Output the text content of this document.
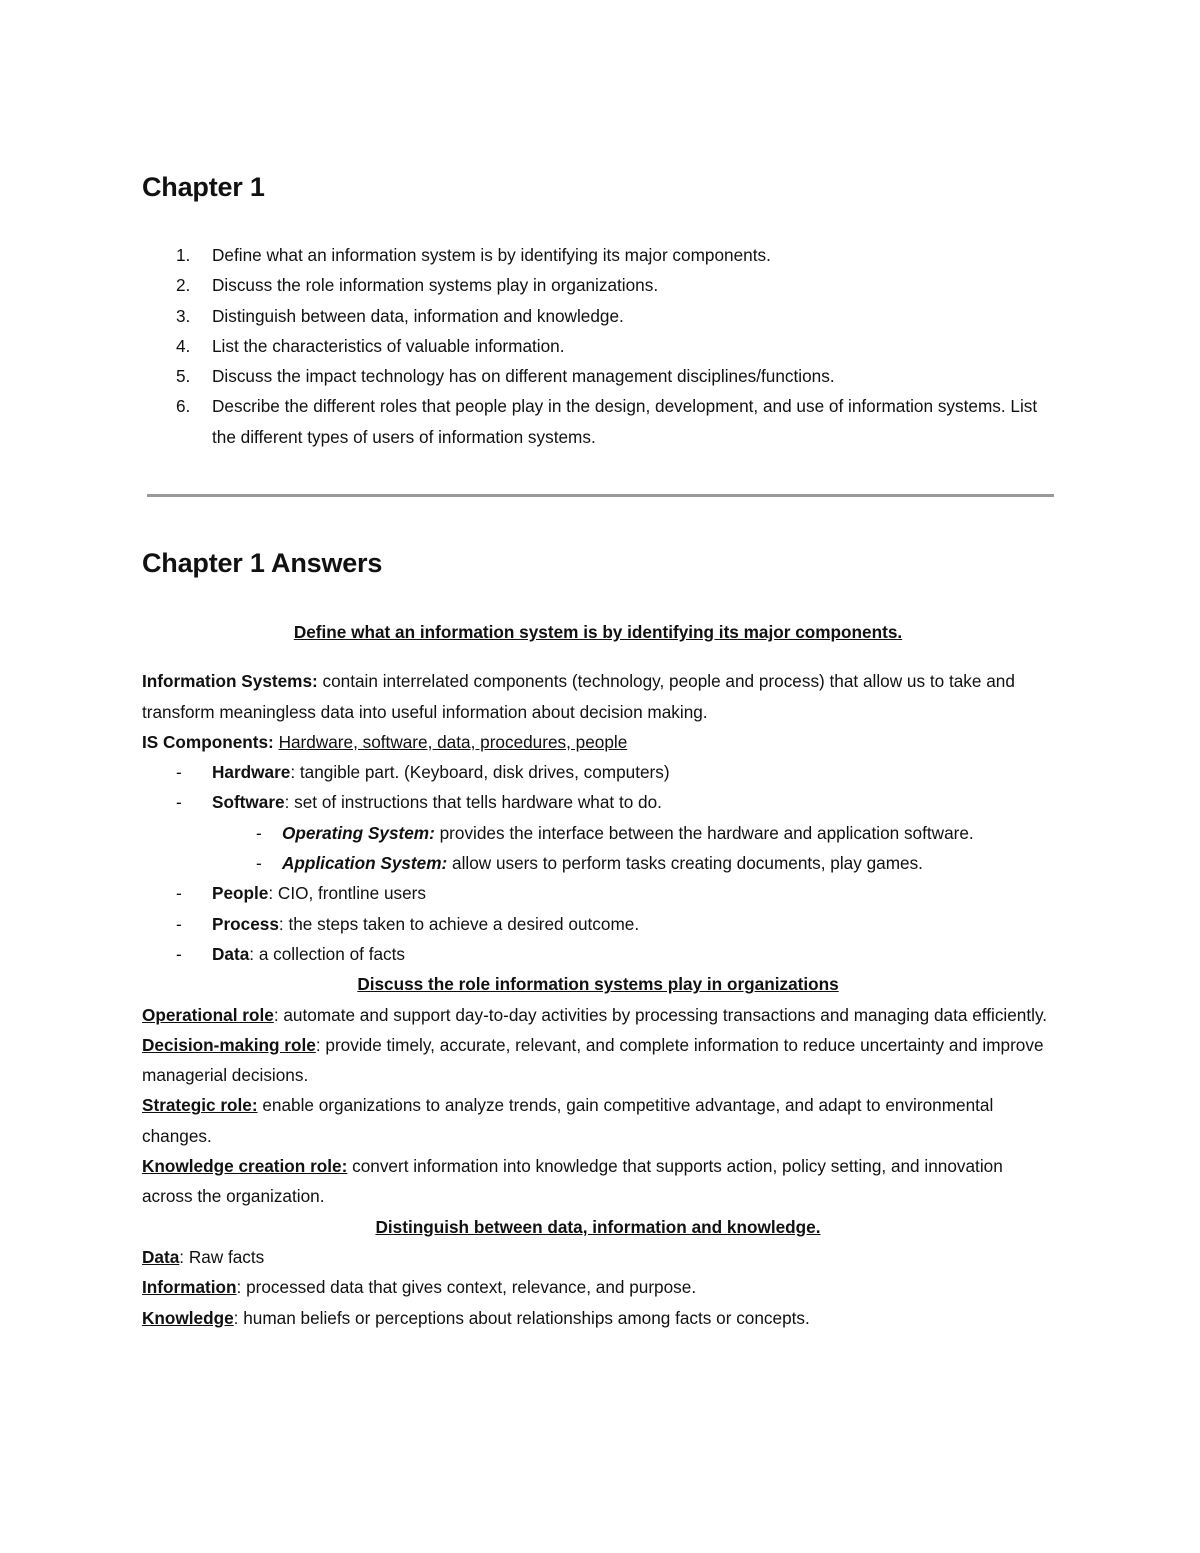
Chapter 1
1. Define what an information system is by identifying its major components.
2. Discuss the role information systems play in organizations.
3. Distinguish between data, information and knowledge.
4. List the characteristics of valuable information.
5. Discuss the impact technology has on different management disciplines/functions.
6. Describe the different roles that people play in the design, development, and use of information systems. List the different types of users of information systems.
Chapter 1 Answers
Define what an information system is by identifying its major components.
Information Systems: contain interrelated components (technology, people and process) that allow us to take and transform meaningless data into useful information about decision making.
IS Components: Hardware, software, data, procedures, people
- Hardware: tangible part. (Keyboard, disk drives, computers)
- Software: set of instructions that tells hardware what to do.
- Operating System: provides the interface between the hardware and application software.
- Application System: allow users to perform tasks creating documents, play games.
- People: CIO, frontline users
- Process: the steps taken to achieve a desired outcome.
- Data: a collection of facts
Discuss the role information systems play in organizations
Operational role: automate and support day-to-day activities by processing transactions and managing data efficiently.
Decision-making role: provide timely, accurate, relevant, and complete information to reduce uncertainty and improve managerial decisions.
Strategic role: enable organizations to analyze trends, gain competitive advantage, and adapt to environmental changes.
Knowledge creation role: convert information into knowledge that supports action, policy setting, and innovation across the organization.
Distinguish between data, information and knowledge.
Data: Raw facts
Information: processed data that gives context, relevance, and purpose.
Knowledge: human beliefs or perceptions about relationships among facts or concepts.
